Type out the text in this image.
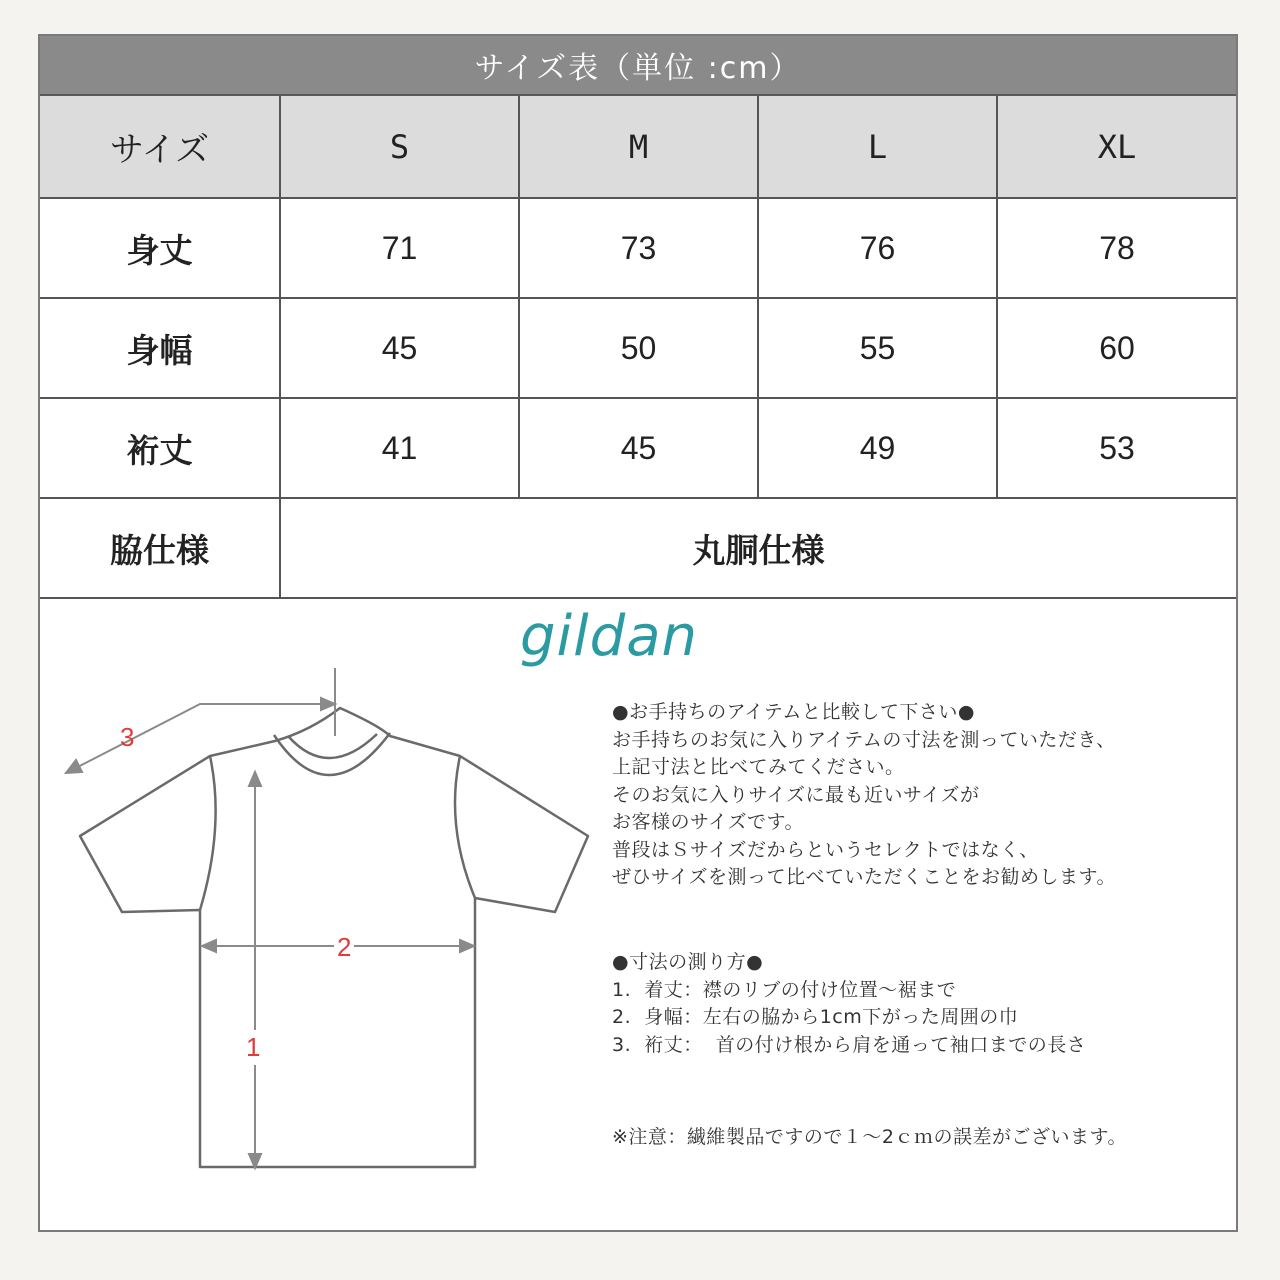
サイズ表（単位 :cm）
サイズ	S	M	L	XL
身丈	71	73	76	78
身幅	45	50	55	60
裄丈	41	45	49	53
脇仕様	丸胴仕様			
3
2
1
gildan
●お手持ちのアイテムと比較して下さい●
お手持ちのお気に入りアイテムの寸法を測っていただき、
上記寸法と比べてみてください。
そのお気に入りサイズに最も近いサイズが
お客様のサイズです。
普段はＳサイズだからというセレクトではなく、
ぜひサイズを測って比べていただくことをお勧めします。
●寸法の測り方●
1.  着丈：襟のリブの付け位置～裾まで
2.  身幅：左右の脇から1cm下がった周囲の巾
3.  裄丈：  首の付け根から肩を通って袖口までの長さ
※注意：繊維製品ですので１～2ｃｍの誤差がございます。
